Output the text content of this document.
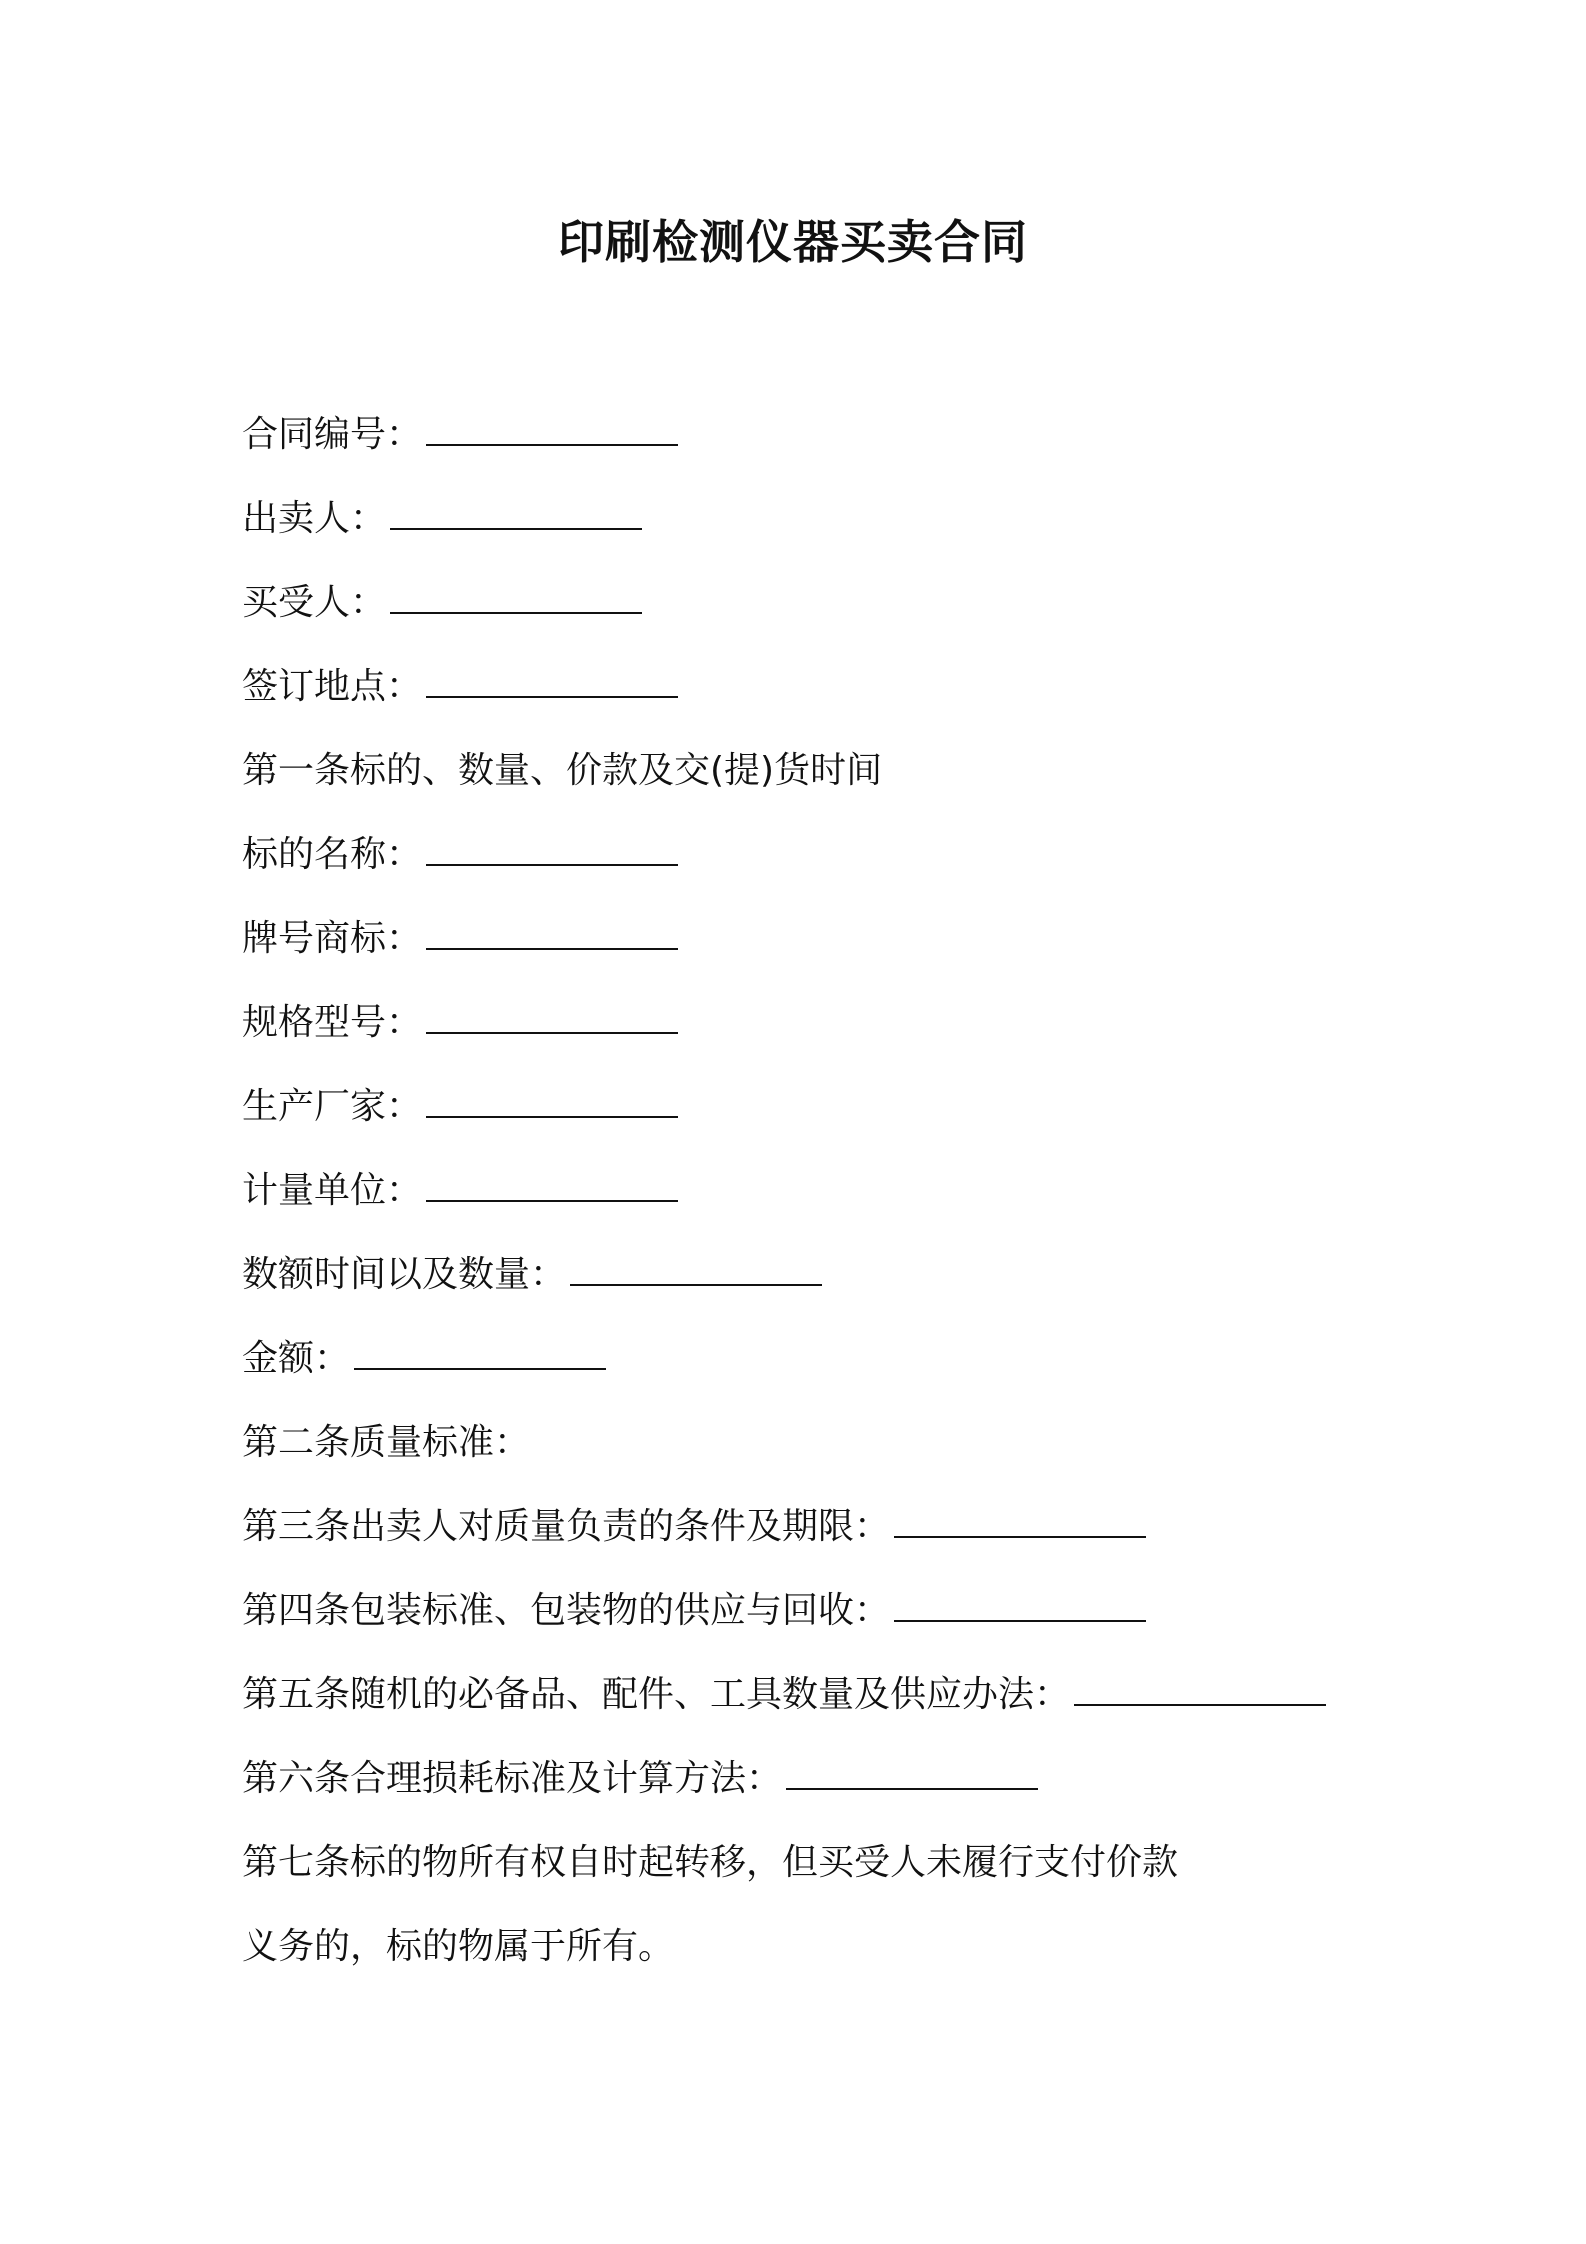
印刷检测仪器买卖合同
合同编号：
出卖人：
买受人：
签订地点：
第一条标的、数量、价款及交(提)货时间
标的名称：
牌号商标：
规格型号：
生产厂家：
计量单位：
数额时间以及数量：
金额：
第二条质量标准：
第三条出卖人对质量负责的条件及期限：
第四条包装标准、包装物的供应与回收：
第五条随机的必备品、配件、工具数量及供应办法：
第六条合理损耗标准及计算方法：
第七条标的物所有权自时起转移，但买受人未履行支付价款
义务的，标的物属于所有。
